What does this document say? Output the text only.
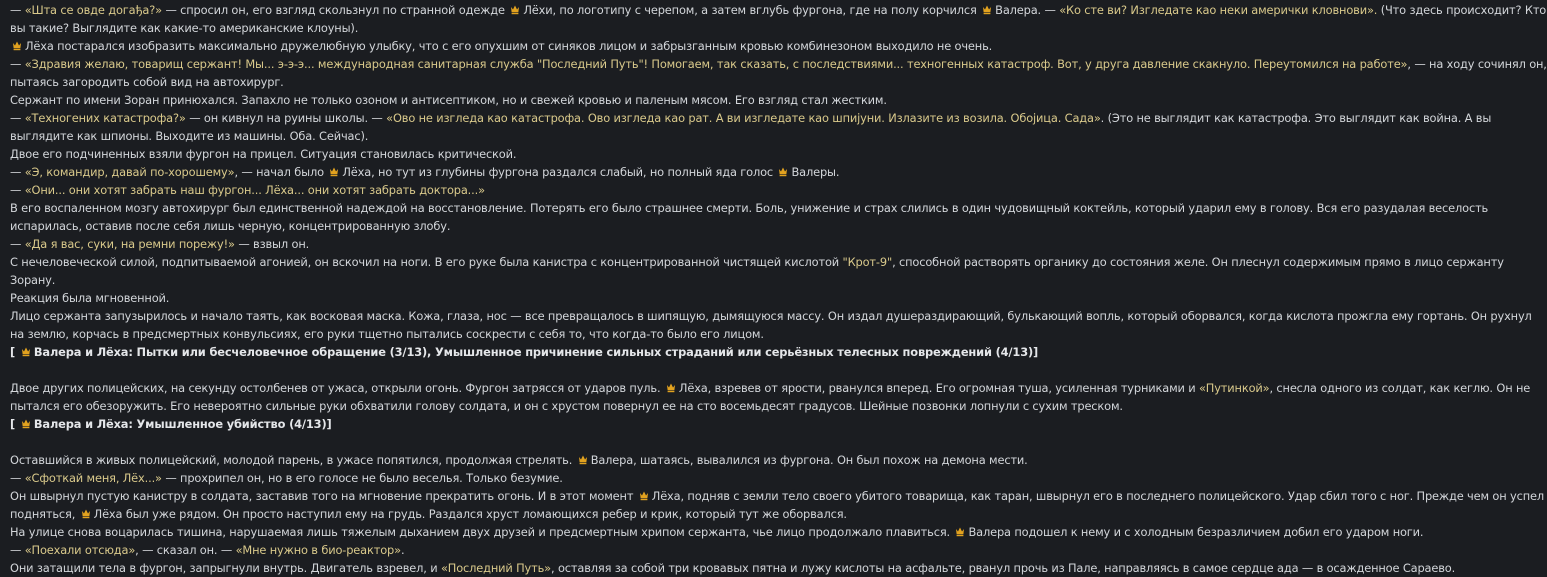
— «Шта се овде догађа?» — спросил он, его взгляд скользнул по странной одежде Лёхи, по логотипу с черепом, а затем вглубь фургона, где на полу корчился Валера. — «Ко сте ви? Изгледате као неки амерички кловнови». (Что здесь происходит? Кто
вы такие? Выглядите как какие-то американские клоуны).
Лёха постарался изобразить максимально дружелюбную улыбку, что с его опухшим от синяков лицом и забрызганным кровью комбинезоном выходило не очень.
— «Здравия желаю, товарищ сержант! Мы... э-э-э... международная санитарная служба "Последний Путь"! Помогаем, так сказать, с последствиями... техногенных катастроф. Вот, у друга давление скакнуло. Переутомился на работе», — на ходу сочинял он,
пытаясь загородить собой вид на автохирург.
Сержант по имени Зоран принюхался. Запахло не только озоном и антисептиком, но и свежей кровью и паленым мясом. Его взгляд стал жестким.
— «Техногених катастрофа?» — он кивнул на руины школы. — «Ово не изгледа као катастрофа. Ово изгледа као рат. А ви изгледате као шпијуни. Излазите из возила. Обојица. Сада». (Это не выглядит как катастрофа. Это выглядит как война. А вы
выглядите как шпионы. Выходите из машины. Оба. Сейчас).
Двое его подчиненных взяли фургон на прицел. Ситуация становилась критической.
— «Э, командир, давай по-хорошему», — начал было Лёха, но тут из глубины фургона раздался слабый, но полный яда голос Валеры.
— «Они... они хотят забрать наш фургон... Лёха... они хотят забрать доктора...»
В его воспаленном мозгу автохирург был единственной надеждой на восстановление. Потерять его было страшнее смерти. Боль, унижение и страх слились в один чудовищный коктейль, который ударил ему в голову. Вся его разудалая веселость
испарилась, оставив после себя лишь черную, концентрированную злобу.
— «Да я вас, суки, на ремни порежу!» — взвыл он.
С нечеловеческой силой, подпитываемой агонией, он вскочил на ноги. В его руке была канистра с концентрированной чистящей кислотой "Крот-9", способной растворять органику до состояния желе. Он плеснул содержимым прямо в лицо сержанту
Зорану.
Реакция была мгновенной.
Лицо сержанта запузырилось и начало таять, как восковая маска. Кожа, глаза, нос — все превращалось в шипящую, дымящуюся массу. Он издал душераздирающий, булькающий вопль, который оборвался, когда кислота прожгла ему гортань. Он рухнул
на землю, корчась в предсмертных конвульсиях, его руки тщетно пытались соскрести с себя то, что когда-то было его лицом.
[ Валера и Лёха: Пытки или бесчеловечное обращение (3/13), Умышленное причинение сильных страданий или серьёзных телесных повреждений (4/13)]
Двое других полицейских, на секунду остолбенев от ужаса, открыли огонь. Фургон затрясся от ударов пуль. Лёха, взревев от ярости, рванулся вперед. Его огромная туша, усиленная турниками и «Путинкой», снесла одного из солдат, как кеглю. Он не
пытался его обезоружить. Его невероятно сильные руки обхватили голову солдата, и он с хрустом повернул ее на сто восемьдесят градусов. Шейные позвонки лопнули с сухим треском.
[ Валера и Лёха: Умышленное убийство (4/13)]
Оставшийся в живых полицейский, молодой парень, в ужасе попятился, продолжая стрелять. Валера, шатаясь, вывалился из фургона. Он был похож на демона мести.
— «Сфоткай меня, Лёх...» — прохрипел он, но в его голосе не было веселья. Только безумие.
Он швырнул пустую канистру в солдата, заставив того на мгновение прекратить огонь. И в этот момент Лёха, подняв с земли тело своего убитого товарища, как таран, швырнул его в последнего полицейского. Удар сбил того с ног. Прежде чем он успел
подняться, Лёха был уже рядом. Он просто наступил ему на грудь. Раздался хруст ломающихся ребер и крик, который тут же оборвался.
На улице снова воцарилась тишина, нарушаемая лишь тяжелым дыханием двух друзей и предсмертным хрипом сержанта, чье лицо продолжало плавиться. Валера подошел к нему и с холодным безразличием добил его ударом ноги.
— «Поехали отсюда», — сказал он. — «Мне нужно в био-реактор».
Они затащили тела в фургон, запрыгнули внутрь. Двигатель взревел, и «Последний Путь», оставляя за собой три кровавых пятна и лужу кислоты на асфальте, рванул прочь из Пале, направляясь в самое сердце ада — в осажденное Сараево.
